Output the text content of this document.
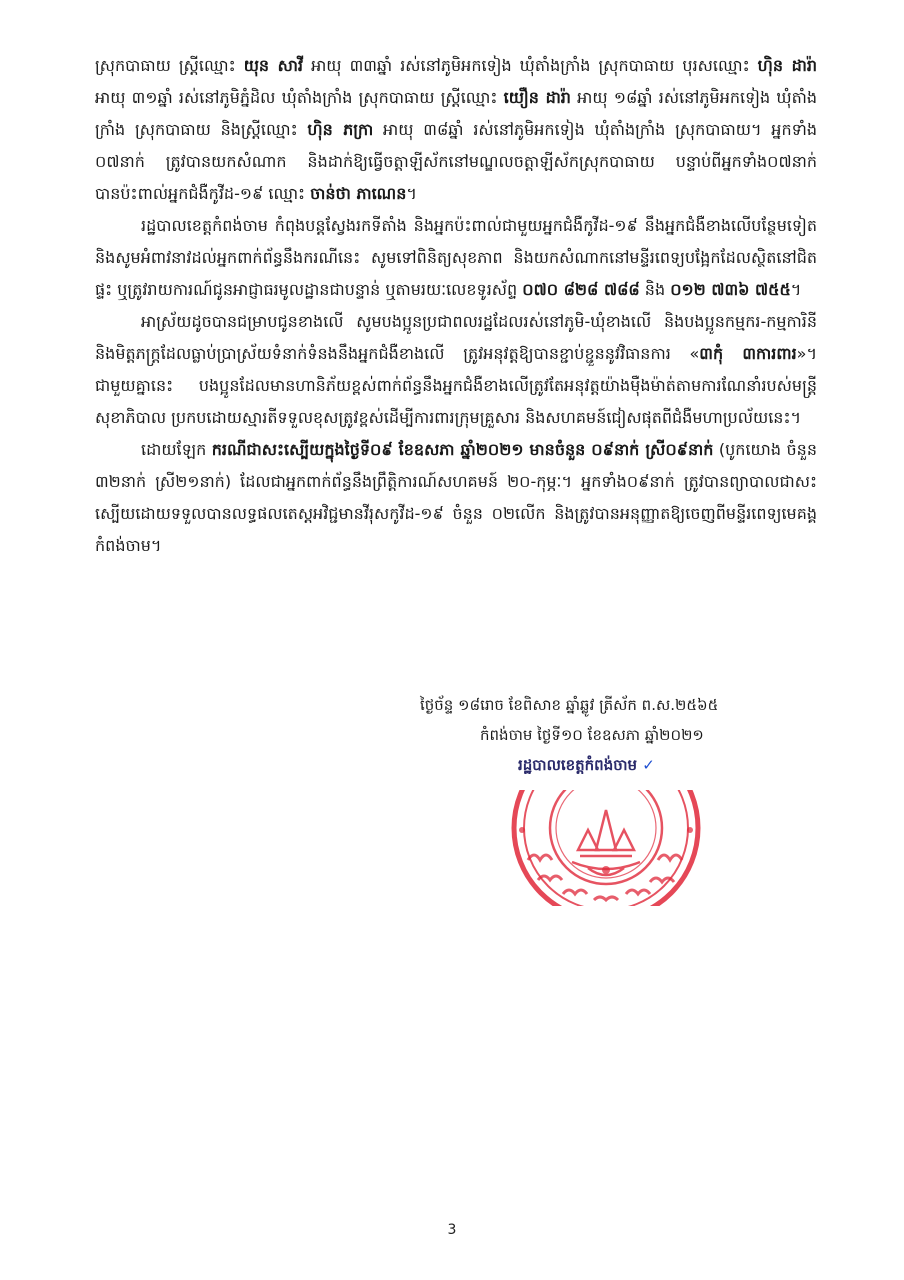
ស្រុកបាធាយ ស្ត្រីឈ្មោះ យុន សាវី អាយុ ៣៣ឆ្នាំ រស់នៅភូមិអកទៀង ឃុំតាំងក្រាំង ស្រុកបាធាយ បុរសឈ្មោះ ហ៊ិន ដារ៉ា អាយុ ៣១ឆ្នាំ រស់នៅភូមិភ្នំដិល ឃុំតាំងក្រាំង ស្រុកបាធាយ ស្ត្រីឈ្មោះ យឿន ដារ៉ា អាយុ ១៨ឆ្នាំ រស់នៅភូមិអកទៀង ឃុំតាំងក្រាំង ស្រុកបាធាយ និងស្ត្រីឈ្មោះ ហ៊ិន ភក្រា អាយុ ៣៨ឆ្នាំ រស់នៅភូមិអកទៀង ឃុំតាំងក្រាំង ស្រុកបាធាយ។ អ្នកទាំង ០៧នាក់ ត្រូវបានយកសំណាក និងដាក់ឱ្យធ្វើចត្តាឡីស័កនៅមណ្ឌលចត្តាឡីស័កស្រុកបាធាយ បន្ទាប់ពីអ្នកទាំង០៧នាក់ បានប៉ះពាល់អ្នកជំងឺកូវីដ-១៩ ឈ្មោះ ចាន់ថា ភាណេន។

រដ្ឋបាលខេត្តកំពង់ចាម កំពុងបន្តស្វែងរកទីតាំង និងអ្នកប៉ះពាល់ជាមួយអ្នកជំងឺកូវីដ-១៩ នឹងអ្នកជំងឺខាងលើបន្ថែមទៀត និងសូមអំពាវនាវដល់អ្នកពាក់ព័ន្ធនឹងករណីនេះ សូមទៅពិនិត្យសុខភាព និងយកសំណាកនៅមន្ទីរពេទ្យបង្អែកដែលស្ថិតនៅជិតផ្ទះ ឬត្រូវរាយការណ៍ជូនអាជ្ញាធរមូលដ្ឋានជាបន្ទាន់ ឬតាមរយៈលេខទូរស័ព្ទ ០៧០ ៨២៨ ៧៨៨ និង ០១២ ៧៣៦ ៧៥៥។

អាស្រ័យដូចបានជម្រាបជូនខាងលើ សូមបងប្អូនប្រជាពលរដ្ឋដែលរស់នៅភូមិ-ឃុំខាងលើ និងបងប្អូនកម្មករ-កម្មការិនី និងមិត្តភក្ត្រដែលធ្លាប់ប្រាស្រ័យទំនាក់ទំនងនឹងអ្នកជំងឺខាងលើ ត្រូវអនុវត្តឱ្យបានខ្ជាប់ខ្ជួននូវវិធានការ «៣កុំ ៣ការពារ»។ ជាមួយគ្នានេះ បងប្អូនដែលមានហានិភ័យខ្ពស់ពាក់ព័ន្ធនឹងអ្នកជំងឺខាងលើត្រូវតែអនុវត្តយ៉ាងម៉ឺងម៉ាត់តាមការណែនាំរបស់មន្ត្រីសុខាភិបាល ប្រកបដោយស្មារតីទទួលខុសត្រូវខ្ពស់ដើម្បីការពារក្រុមគ្រួសារ និងសហគមន៍ជៀសផុតពីជំងឺមហាប្រល័យនេះ។

ដោយឡែក ករណីជាសះស្បើយក្នុងថ្ងៃទី០៩ ខែឧសភា ឆ្នាំ២០២១ មានចំនួន ០៩នាក់ ស្រី០៩នាក់ (បូកយោង ចំនួន ៣២នាក់ ស្រី២១នាក់) ដែលជាអ្នកពាក់ព័ន្ធនឹងព្រឹត្តិការណ៍សហគមន៍ ២០-កុម្ភៈ។ អ្នកទាំង០៩នាក់ ត្រូវបានព្យាបាលជាសះស្បើយដោយទទួលបានលទ្ធផលតេស្តអវិជ្ជមានវីរុសកូវីដ-១៩ ចំនួន ០២លើក និងត្រូវបានអនុញ្ញាតឱ្យចេញពីមន្ទីរពេទ្យមេគង្គកំពង់ចាម។

ថ្ងៃច័ន្ទ ១៨រោច ខែពិសាខ ឆ្នាំឆ្លូវ ត្រីស័ក ព.ស.២៥៦៥
កំពង់ចាម ថ្ងៃទី១០ ខែឧសភា ឆ្នាំ២០២១
រដ្ឋបាលខេត្តកំពង់ចាម ✓
3
